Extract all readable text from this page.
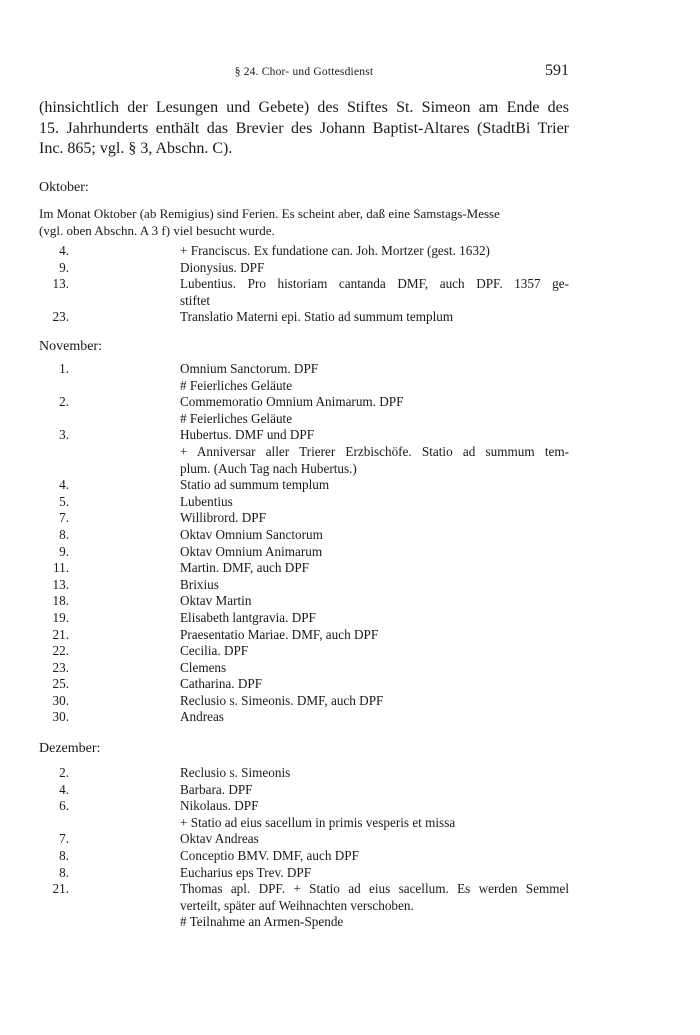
§ 24. Chor- und Gottesdienst	591
(hinsichtlich der Lesungen und Gebete) des Stiftes St. Simeon am Ende des
15. Jahrhunderts enthält das Brevier des Johann Baptist-Altares (StadtBi Trier
Inc. 865; vgl. § 3, Abschn. C).
Oktober:
Im Monat Oktober (ab Remigius) sind Ferien. Es scheint aber, daß eine Samstags-Messe
(vgl. oben Abschn. A 3 f) viel besucht wurde.
4.	+ Franciscus. Ex fundatione can. Joh. Mortzer (gest. 1632)
9.	Dionysius. DPF
13.	Lubentius. Pro historiam cantanda DMF, auch DPF. 1357 ge-
stiftet
23.	Translatio Materni epi. Statio ad summum templum
November:
1.	Omnium Sanctorum. DPF
# Feierliches Geläute
2.	Commemoratio Omnium Animarum. DPF
# Feierliches Geläute
3.	Hubertus. DMF und DPF
+ Anniversar aller Trierer Erzbischöfe. Statio ad summum tem-
plum. (Auch Tag nach Hubertus.)
4.	Statio ad summum templum
5.	Lubentius
7.	Willibrord. DPF
8.	Oktav Omnium Sanctorum
9.	Oktav Omnium Animarum
11.	Martin. DMF, auch DPF
13.	Brixius
18.	Oktav Martin
19.	Elisabeth lantgravia. DPF
21.	Praesentatio Mariae. DMF, auch DPF
22.	Cecilia. DPF
23.	Clemens
25.	Catharina. DPF
30.	Reclusio s. Simeonis. DMF, auch DPF
30.	Andreas
Dezember:
2.	Reclusio s. Simeonis
4.	Barbara. DPF
6.	Nikolaus. DPF
+ Statio ad eius sacellum in primis vesperis et missa
7.	Oktav Andreas
8.	Conceptio BMV. DMF, auch DPF
8.	Eucharius eps Trev. DPF
21.	Thomas apl. DPF. + Statio ad eius sacellum. Es werden Semmel
verteilt, später auf Weihnachten verschoben.
# Teilnahme an Armen-Spende
